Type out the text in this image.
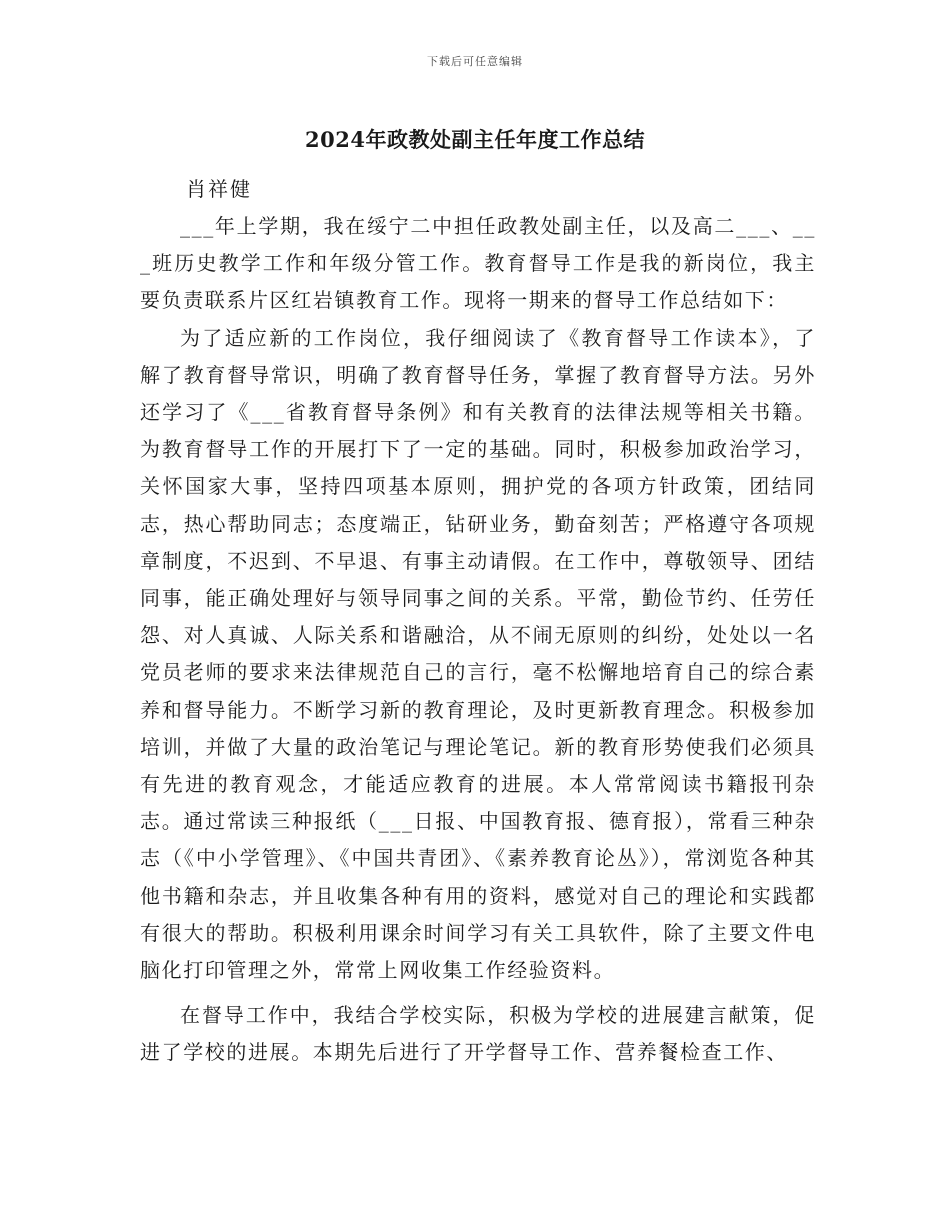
下载后可任意编辑
2024年政教处副主任年度工作总结

肖祥健

___年上学期，我在绥宁二中担任政教处副主任，以及高二___、___班历史教学工作和年级分管工作。教育督导工作是我的新岗位，我主要负责联系片区红岩镇教育工作。现将一期来的督导工作总结如下：

为了适应新的工作岗位，我仔细阅读了《教育督导工作读本》，了解了教育督导常识，明确了教育督导任务，掌握了教育督导方法。另外还学习了《___省教育督导条例》和有关教育的法律法规等相关书籍。为教育督导工作的开展打下了一定的基础。同时，积极参加政治学习，关怀国家大事，坚持四项基本原则，拥护党的各项方针政策，团结同志，热心帮助同志；态度端正，钻研业务，勤奋刻苦；严格遵守各项规章制度，不迟到、不早退、有事主动请假。在工作中，尊敬领导、团结同事，能正确处理好与领导同事之间的关系。平常，勤俭节约、任劳任怨、对人真诚、人际关系和谐融洽，从不闹无原则的纠纷，处处以一名党员老师的要求来法律规范自己的言行，毫不松懈地培育自己的综合素养和督导能力。不断学习新的教育理论，及时更新教育理念。积极参加培训，并做了大量的政治笔记与理论笔记。新的教育形势使我们必须具有先进的教育观念，才能适应教育的进展。本人常常阅读书籍报刊杂志。通过常读三种报纸（___日报、中国教育报、德育报），常看三种杂志（《中小学管理》、《中国共青团》、《素养教育论丛》），常浏览各种其他书籍和杂志，并且收集各种有用的资料，感觉对自己的理论和实践都有很大的帮助。积极利用课余时间学习有关工具软件，除了主要文件电脑化打印管理之外，常常上网收集工作经验资料。

在督导工作中，我结合学校实际，积极为学校的进展建言献策，促进了学校的进展。本期先后进行了开学督导工作、营养餐检查工作、
